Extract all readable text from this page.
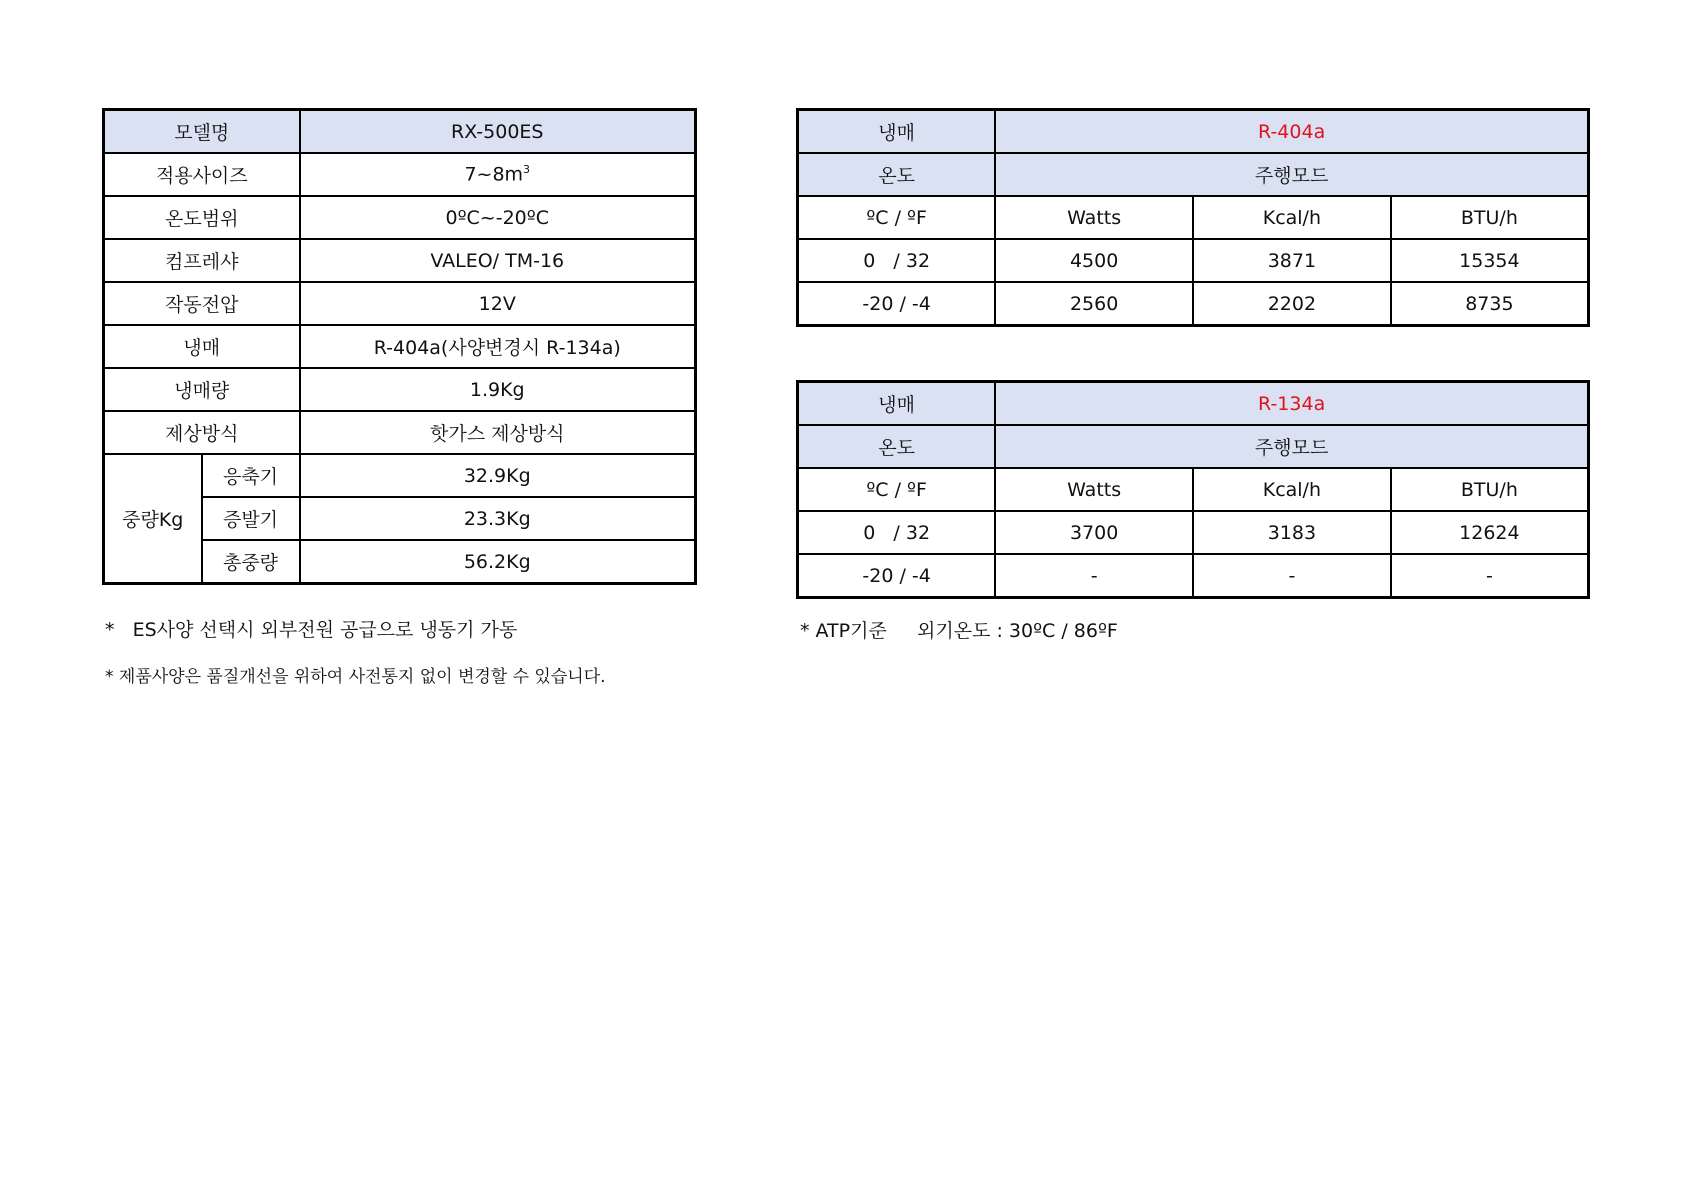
모델명		RX-500ES
적용사이즈		$7\sim 8m^3$
온도범위		0ºC~-20ºC
컴프레샤		VALEO/ TM-16
작동전압		12V
냉매		R-404a(사양변경시 R-134a)
냉매량		1.9Kg
제상방식		핫가스 제상방식
중량Kg	응축기	32.9Kg
	증발기	23.3Kg
	총중량	56.2Kg
냉매	R-404a		
온도	주행모드		
ºC / ºF	Watts	Kcal/h	BTU/h
0   / 32	4500	3871	15354
-20 / -4	2560	2202	8735
냉매	R-134a		
온도	주행모드		
ºC / ºF	Watts	Kcal/h	BTU/h
0   / 32	3700	3183	12624
-20 / -4	-	-	-
*   ES사양 선택시 외부전원 공급으로 냉동기 가동
* 제품사양은 품질개선을 위하여 사전통지 없이 변경할 수 있습니다.
* ATP기준     외기온도 : 30ºC / 86ºF
